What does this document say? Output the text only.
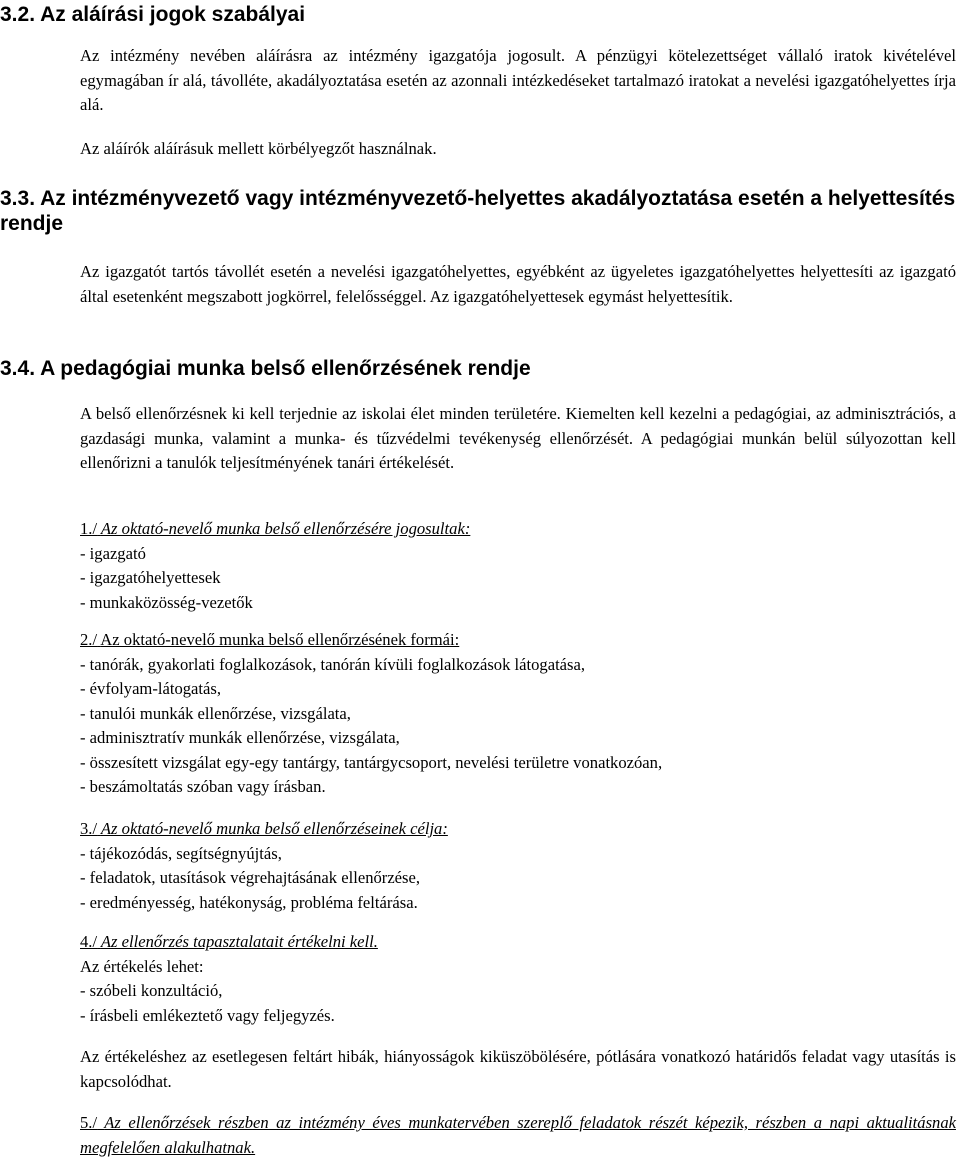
3.2. Az aláírási jogok szabályai

Az intézmény nevében aláírásra az intézmény igazgatója jogosult. A pénzügyi kötelezettséget vállaló iratok kivételével egymagában ír alá, távolléte, akadályoztatása esetén az azonnali intézkedéseket tartalmazó iratokat a nevelési igazgatóhelyettes írja alá.

Az aláírók aláírásuk mellett körbélyegzőt használnak.

3.3. Az intézményvezető vagy intézményvezető-helyettes akadályoztatása esetén a helyettesítés rendje

Az igazgatót tartós távollét esetén a nevelési igazgatóhelyettes, egyébként az ügyeletes igazgatóhelyettes helyettesíti az igazgató által esetenként megszabott jogkörrel, felelősséggel. Az igazgatóhelyettesek egymást helyettesítik.

3.4. A pedagógiai munka belső ellenőrzésének rendje

A belső ellenőrzésnek ki kell terjednie az iskolai élet minden területére. Kiemelten kell kezelni a pedagógiai, az adminisztrációs, a gazdasági munka, valamint a munka- és tűzvédelmi tevékenység ellenőrzését. A pedagógiai munkán belül súlyozottan kell ellenőrizni a tanulók teljesítményének tanári értékelését.

1./ Az oktató-nevelő munka belső ellenőrzésére jogosultak:
- igazgató
- igazgatóhelyettesek
- munkaközösség-vezetők
2./ Az oktató-nevelő munka belső ellenőrzésének formái:
- tanórák, gyakorlati foglalkozások, tanórán kívüli foglalkozások látogatása,
- évfolyam-látogatás,
- tanulói munkák ellenőrzése, vizsgálata,
- adminisztratív munkák ellenőrzése, vizsgálata,
- összesített vizsgálat egy-egy tantárgy, tantárgycsoport, nevelési területre vonatkozóan,
- beszámoltatás szóban vagy írásban.
3./ Az oktató-nevelő munka belső ellenőrzéseinek célja:
- tájékozódás, segítségnyújtás,
- feladatok, utasítások végrehajtásának ellenőrzése,
- eredményesség, hatékonyság, probléma feltárása.
4./ Az ellenőrzés tapasztalatait értékelni kell.
Az értékelés lehet:
- szóbeli konzultáció,
- írásbeli emlékeztető vagy feljegyzés.

Az értékeléshez az esetlegesen feltárt hibák, hiányosságok kiküszöbölésére, pótlására vonatkozó határidős feladat vagy utasítás is kapcsolódhat.

5./ Az ellenőrzések részben az intézmény éves munkatervében szereplő feladatok részét képezik, részben a napi aktualitásnak megfelelően alakulhatnak.
